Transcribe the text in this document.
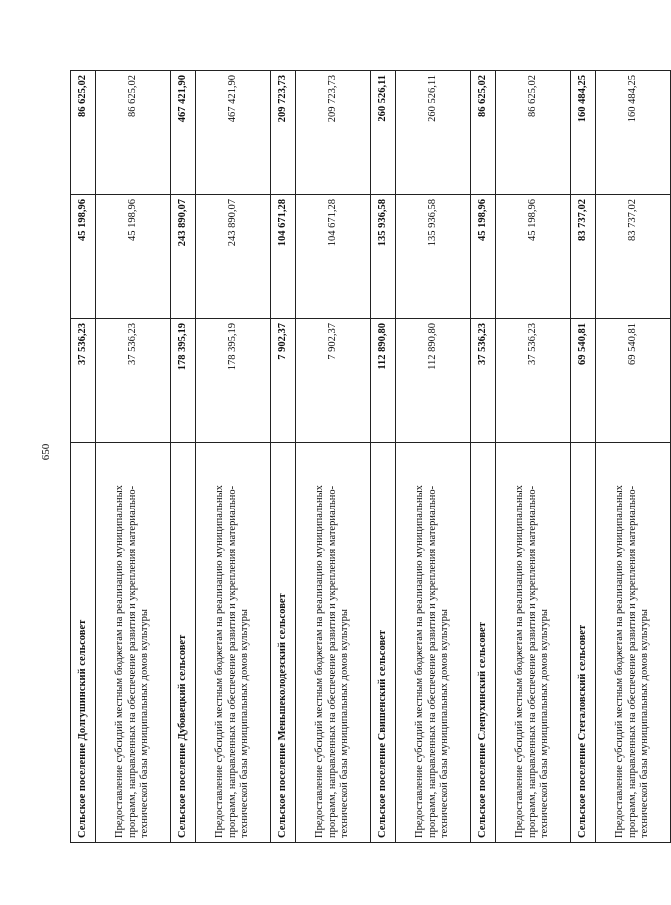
650
Сельское поселение Долгушинский сельсовет	37 536,23	45 198,96	86 625,02
Предоставление субсидий местным бюджетам на реализацию муниципальных программ, направленных на обеспечение развития и укрепления материально-технической базы муниципальных домов культуры	37 536,23	45 198,96	86 625,02
Сельское поселение Дубовецкий сельсовет	178 395,19	243 890,07	467 421,90
Предоставление субсидий местным бюджетам на реализацию муниципальных программ, направленных на обеспечение развития и укрепления материально-технической базы муниципальных домов культуры	178 395,19	243 890,07	467 421,90
Сельское поселение Меньшеколодезский сельсовет	7 902,37	104 671,28	209 723,73
Предоставление субсидий местным бюджетам на реализацию муниципальных программ, направленных на обеспечение развития и укрепления материально-технической базы муниципальных домов культуры	7 902,37	104 671,28	209 723,73
Сельское поселение Свишенский сельсовет	112 890,80	135 936,58	260 526,11
Предоставление субсидий местным бюджетам на реализацию муниципальных программ, направленных на обеспечение развития и укрепления материально-технической базы муниципальных домов культуры	112 890,80	135 936,58	260 526,11
Сельское поселение Слепухинский сельсовет	37 536,23	45 198,96	86 625,02
Предоставление субсидий местным бюджетам на реализацию муниципальных программ, направленных на обеспечение развития и укрепления материально-технической базы муниципальных домов культуры	37 536,23	45 198,96	86 625,02
Сельское поселение Стегаловский сельсовет	69 540,81	83 737,02	160 484,25
Предоставление субсидий местным бюджетам на реализацию муниципальных программ, направленных на обеспечение развития и укрепления материально-технической базы муниципальных домов культуры	69 540,81	83 737,02	160 484,25
